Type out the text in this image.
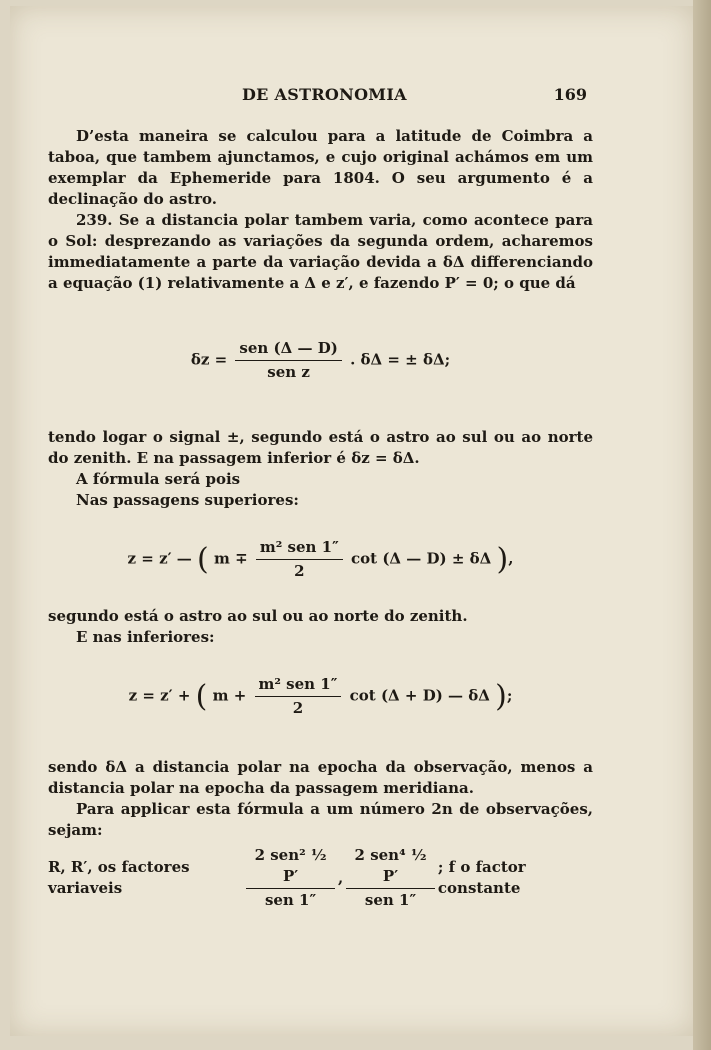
DE ASTRONOMIA	169

D’esta maneira se calculou para a latitude de Coimbra a taboa, que tambem ajunctamos, e cujo original achámos em um exemplar da Ephemeride para 1804. O seu argumento é a declinação do astro.

239. Se a distancia polar tambem varia, como acontece para o Sol: desprezando as variações da segunda ordem, acharemos immediatamente a parte da variação devida a δΔ differenciando a equação (1) relativamente a Δ e z′, e fazendo P′ = 0; o que dá

$\delta z = \frac{\text{sen (Δ — D)}}{\text{sen z}}$ . δΔ = ± δΔ;

tendo logar o signal ±, segundo está o astro ao sul ou ao norte do zenith. E na passagem inferior é δz = δΔ.

A fórmula será pois

Nas passagens superiores:

z = z′ — ( $m \mp \frac{\text{m² sen 1″}}{2}$ cot (Δ — D) ± δΔ ),

segundo está o astro ao sul ou ao norte do zenith.

E nas inferiores:

z = z′ + ( $m + \frac{\text{m² sen 1″}}{2}$ cot (Δ + D) — δΔ );

sendo δΔ a distancia polar na epocha da observação, menos a distancia polar na epocha da passagem meridiana.

Para applicar esta fórmula a um número 2n de observações, sejam:

R, R′, os factores variaveis	$\frac{\text{2 sen² ½ P′}}{\text{sen 1″}}$ , $\frac{\text{2 sen⁴ ½ P′}}{\text{sen 1″}}$ ; f o factor constante
